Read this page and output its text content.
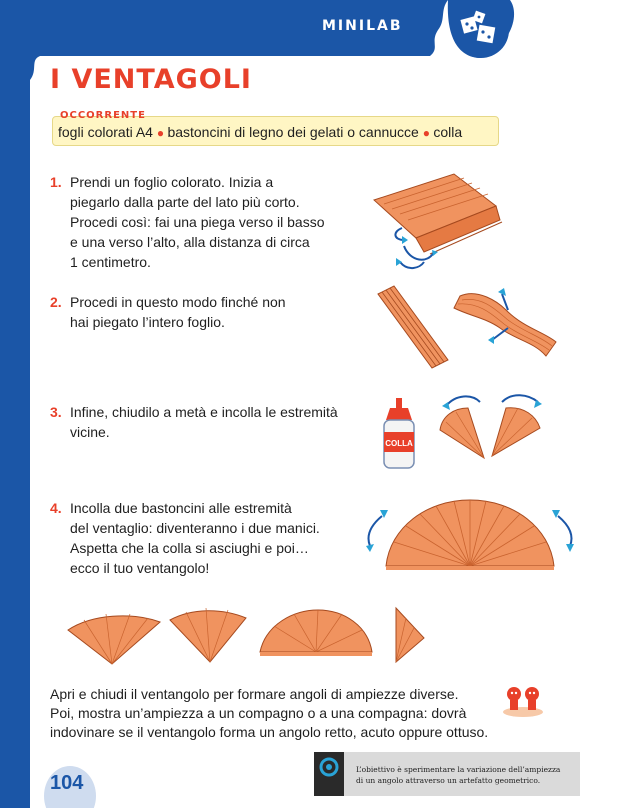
MINILAB
I VENTAGOLI
OCCORRENTE
fogli colorati A4 ● bastoncini di legno dei gelati o cannucce ● colla
1. Prendi un foglio colorato. Inizia a
piegarlo dalla parte del lato più corto.
Procedi così: fai una piega verso il basso
e una verso l’alto, alla distanza di circa
1 centimetro.
2. Procedi in questo modo finché non
hai piegato l’intero foglio.
3. Infine, chiudilo a metà e incolla le estremità
vicine.
4. Incolla due bastoncini alle estremità
del ventaglio: diventeranno i due manici.
Aspetta che la colla si asciughi e poi…
ecco il tuo ventangolo!
COLLA
Apri e chiudi il ventangolo per formare angoli di ampiezze diverse.
Poi, mostra un’ampiezza a un compagno o a una compagna: dovrà
indovinare se il ventangolo forma un angolo retto, acuto oppure ottuso.
104
L’obiettivo è sperimentare la variazione dell’ampiezza
di un angolo attraverso un artefatto geometrico.
